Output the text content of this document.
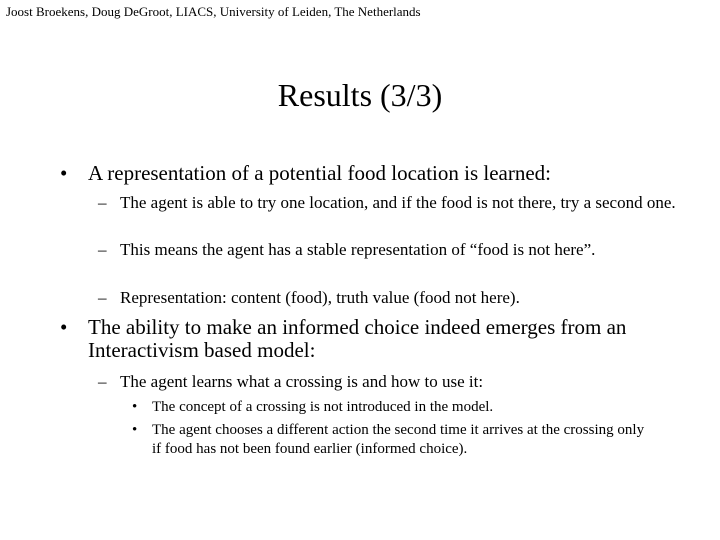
Joost Broekens, Doug DeGroot, LIACS, University of Leiden, The Netherlands
Results (3/3)
• A representation of a potential food location is learned:
– The agent is able to try one location, and if the food is not there, try a second one.
– This means the agent has a stable representation of “food is not here”.
– Representation: content (food), truth value (food not here).
• The ability to make an informed choice indeed emerges from an Interactivism based model:
– The agent learns what a crossing is and how to use it:
• The concept of a crossing is not introduced in the model.
• The agent chooses a different action the second time it arrives at the crossing only if food has not been found earlier (informed choice).
